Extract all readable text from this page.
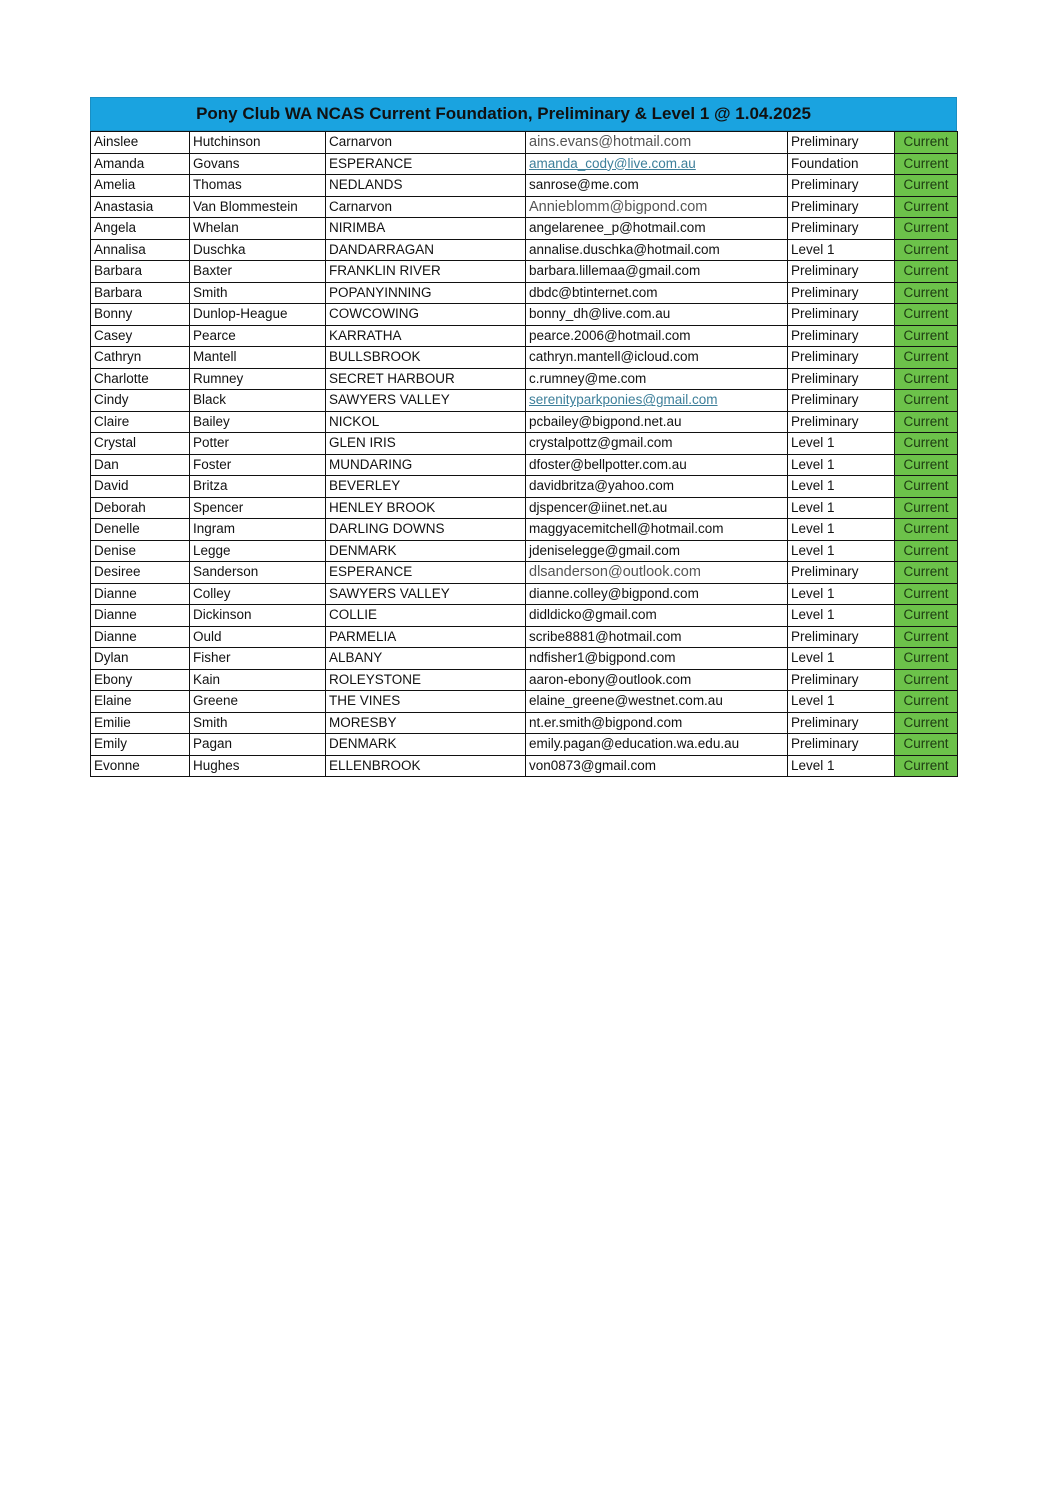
Pony Club WA NCAS Current Foundation, Preliminary & Level 1 @ 1.04.2025
Ainslee	Hutchinson	Carnarvon	ains.evans@hotmail.com	Preliminary	Current
Amanda	Govans	ESPERANCE	amanda_cody@live.com.au	Foundation	Current
Amelia	Thomas	NEDLANDS	sanrose@me.com	Preliminary	Current
Anastasia	Van Blommestein	Carnarvon	Annieblomm@bigpond.com	Preliminary	Current
Angela	Whelan	NIRIMBA	angelarenee_p@hotmail.com	Preliminary	Current
Annalisa	Duschka	DANDARRAGAN	annalise.duschka@hotmail.com	Level 1	Current
Barbara	Baxter	FRANKLIN RIVER	barbara.lillemaa@gmail.com	Preliminary	Current
Barbara	Smith	POPANYINNING	dbdc@btinternet.com	Preliminary	Current
Bonny	Dunlop-Heague	COWCOWING	bonny_dh@live.com.au	Preliminary	Current
Casey	Pearce	KARRATHA	pearce.2006@hotmail.com	Preliminary	Current
Cathryn	Mantell	BULLSBROOK	cathryn.mantell@icloud.com	Preliminary	Current
Charlotte	Rumney	SECRET HARBOUR	c.rumney@me.com	Preliminary	Current
Cindy	Black	SAWYERS VALLEY	serenityparkponies@gmail.com	Preliminary	Current
Claire	Bailey	NICKOL	pcbailey@bigpond.net.au	Preliminary	Current
Crystal	Potter	GLEN IRIS	crystalpottz@gmail.com	Level 1	Current
Dan	Foster	MUNDARING	dfoster@bellpotter.com.au	Level 1	Current
David	Britza	BEVERLEY	davidbritza@yahoo.com	Level 1	Current
Deborah	Spencer	HENLEY BROOK	djspencer@iinet.net.au	Level 1	Current
Denelle	Ingram	DARLING DOWNS	maggyacemitchell@hotmail.com	Level 1	Current
Denise	Legge	DENMARK	jdeniselegge@gmail.com	Level 1	Current
Desiree	Sanderson	ESPERANCE	dlsanderson@outlook.com	Preliminary	Current
Dianne	Colley	SAWYERS VALLEY	dianne.colley@bigpond.com	Level 1	Current
Dianne	Dickinson	COLLIE	didldicko@gmail.com	Level 1	Current
Dianne	Ould	PARMELIA	scribe8881@hotmail.com	Preliminary	Current
Dylan	Fisher	ALBANY	ndfisher1@bigpond.com	Level 1	Current
Ebony	Kain	ROLEYSTONE	aaron-ebony@outlook.com	Preliminary	Current
Elaine	Greene	THE VINES	elaine_greene@westnet.com.au	Level 1	Current
Emilie	Smith	MORESBY	nt.er.smith@bigpond.com	Preliminary	Current
Emily	Pagan	DENMARK	emily.pagan@education.wa.edu.au	Preliminary	Current
Evonne	Hughes	ELLENBROOK	von0873@gmail.com	Level 1	Current
